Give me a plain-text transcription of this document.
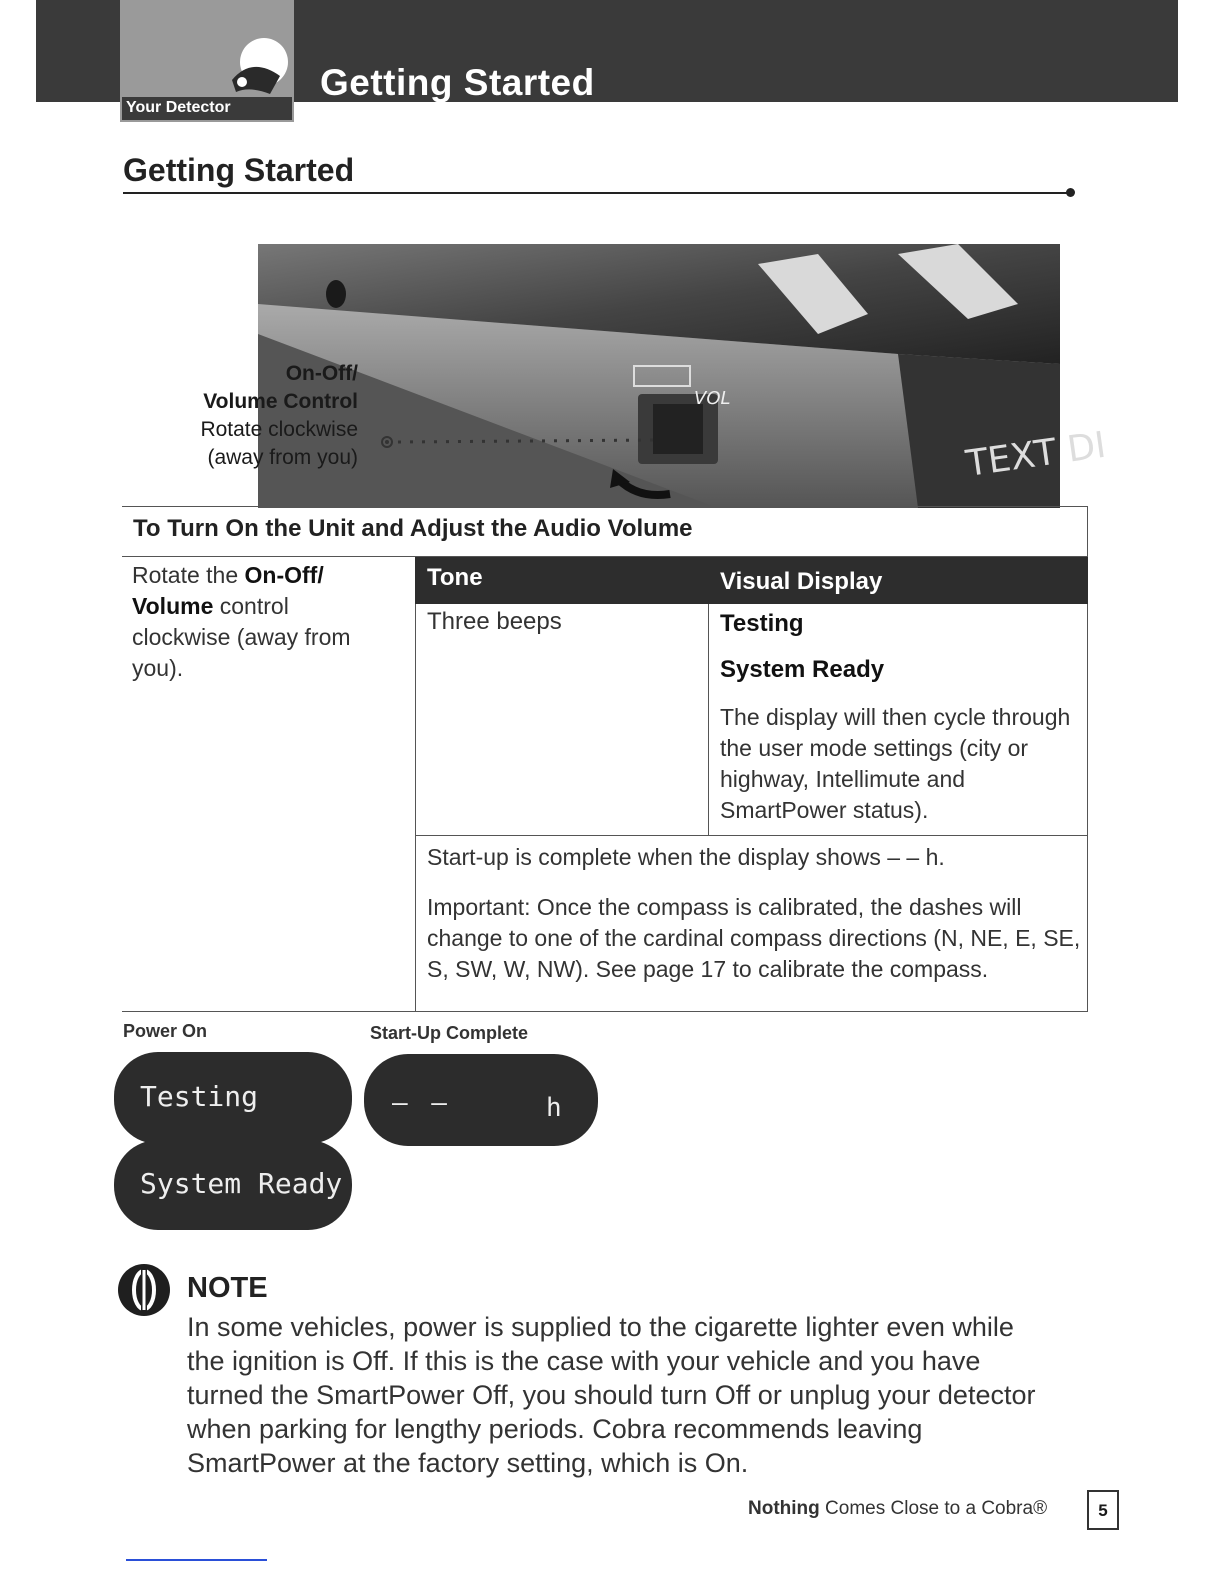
Your Detector
Getting Started
Getting Started
VOL
TEXT DI
On-Off/
Volume Control
Rotate clockwise
(away from you)
To Turn On the Unit and Adjust the Audio Volume
Rotate the On-Off/ Volume control clockwise (away from you).
Tone	Visual Display
Three beeps	Testing
System Ready
The display will then cycle through the user mode settings (city or highway, Intellimute and SmartPower status).
Start-up is complete when the display shows – – h.
Important: Once the compass is calibrated, the dashes will change to one of the cardinal compass directions (N, NE, E, SE, S, SW, W, NW). See page 17 to calibrate the compass.
Power On	Start-Up Complete
Testing
System Ready
– –	h
NOTE
In some vehicles, power is supplied to the cigarette lighter even while the ignition is Off. If this is the case with your vehicle and you have turned the SmartPower Off, you should turn Off or unplug your detector when parking for lengthy periods. Cobra recommends leaving SmartPower at the factory setting, which is On.
Nothing Comes Close to a Cobra®	5
